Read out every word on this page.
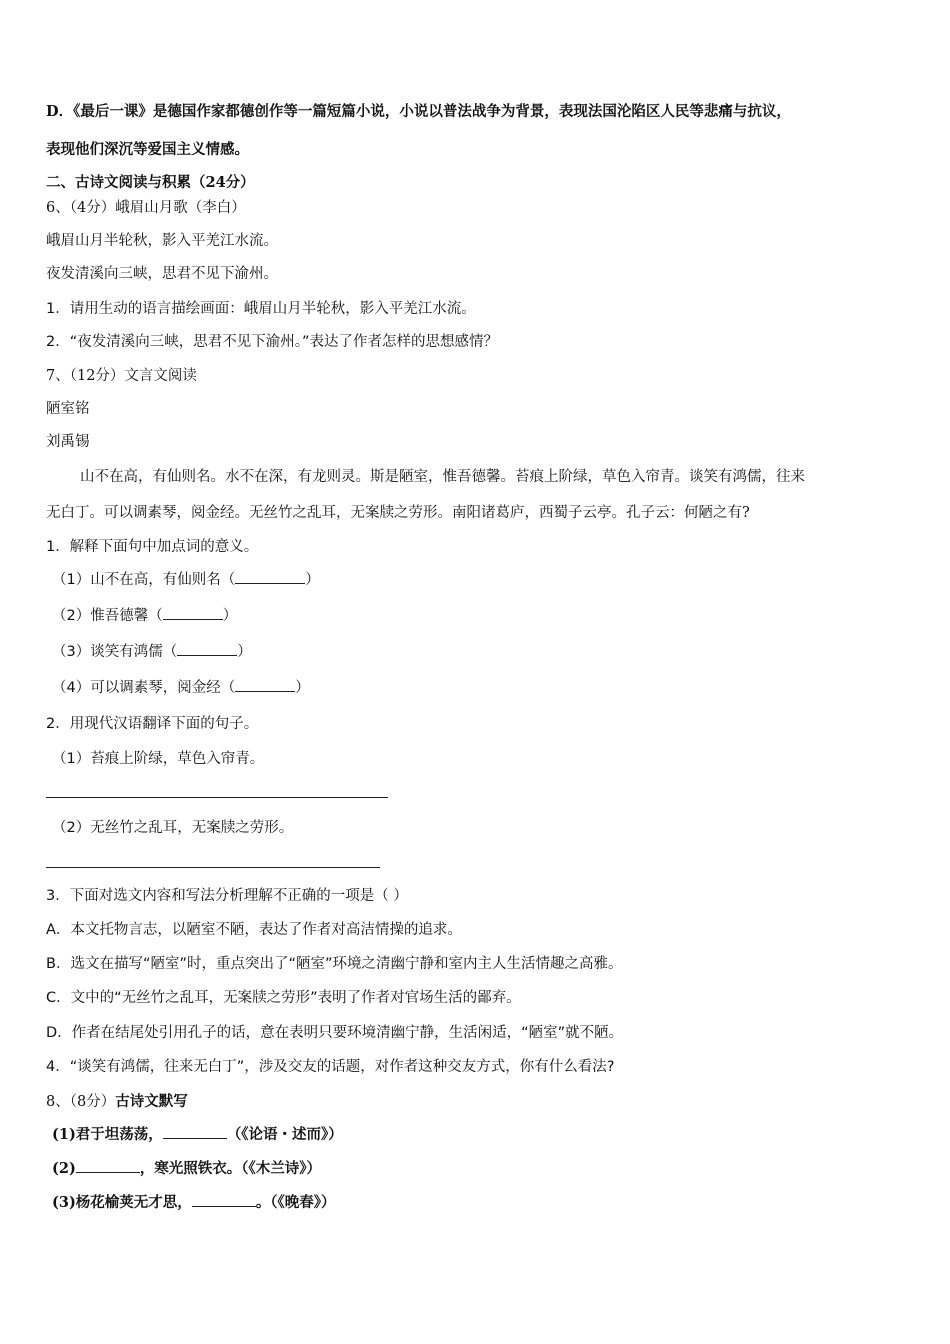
D．《最后一课》是德国作家都德创作等一篇短篇小说，小说以普法战争为背景，表现法国沦陷区人民等悲痛与抗议，
表现他们深沉等爱国主义情感。
二、古诗文阅读与积累（24分）
6、（4分）峨眉山月歌（李白）
峨眉山月半轮秋，影入平羌江水流。
夜发清溪向三峡，思君不见下渝州。
1．请用生动的语言描绘画面：峨眉山月半轮秋，影入平羌江水流。
2．“夜发清溪向三峡，思君不见下渝州。”表达了作者怎样的思想感情？
7、（12分）文言文阅读
陋室铭
刘禹锡
山不在高，有仙则名。水不在深，有龙则灵。斯是陋室，惟吾德馨。苔痕上阶绿，草色入帘青。谈笑有鸿儒，往来
无白丁。可以调素琴，阅金经。无丝竹之乱耳，无案牍之劳形。南阳诸葛庐，西蜀子云亭。孔子云：何陋之有?
1．解释下面句中加点词的意义。
（1）山不在高，有仙则名（	）
（2）惟吾德馨（	）
（3）谈笑有鸿儒（	）
（4）可以调素琴，阅金经（	）
2．用现代汉语翻译下面的句子。
（1）苔痕上阶绿，草色入帘青。
（2）无丝竹之乱耳，无案牍之劳形。
3．下面对选文内容和写法分析理解不正确的一项是（ ）
A．本文托物言志，以陋室不陋，表达了作者对高洁情操的追求。
B．选文在描写“陋室”时，重点突出了“陋室”环境之清幽宁静和室内主人生活情趣之高雅。
C．文中的“无丝竹之乱耳，无案牍之劳形”表明了作者对官场生活的鄙弃。
D．作者在结尾处引用孔子的话，意在表明只要环境清幽宁静，生活闲适，“陋室”就不陋。
4．“谈笑有鸿儒，往来无白丁”，涉及交友的话题，对作者这种交友方式，你有什么看法?
8、（8分）古诗文默写
(1)君于坦荡荡，	（《论语・述而》）
(2)	，寒光照铁衣。（《木兰诗》）
(3)杨花榆荚无才思，	。（《晚春》）
